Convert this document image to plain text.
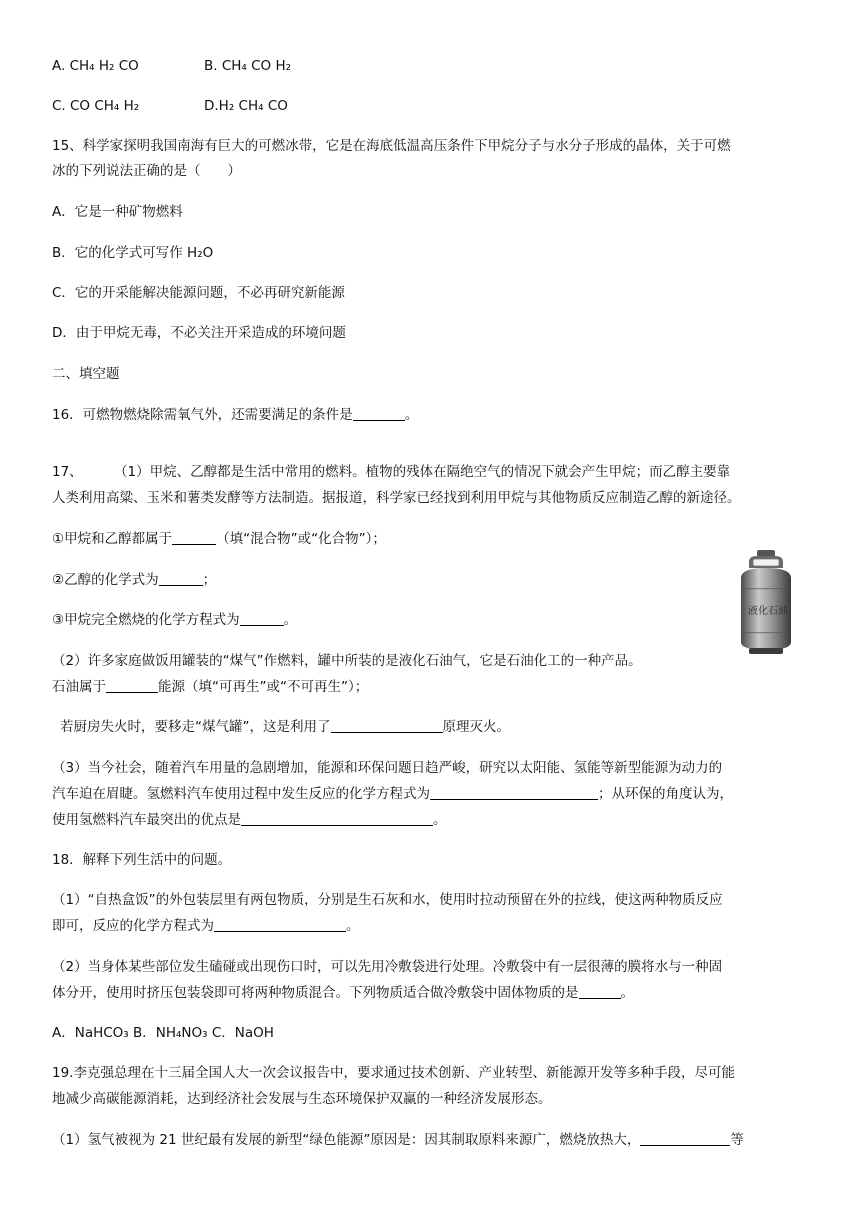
A. CH₄ H₂ CO	B. CH₄ CO H₂
C. CO CH₄ H₂	D.H₂ CH₄ CO
15、科学家探明我国南海有巨大的可燃冰带，它是在海底低温高压条件下甲烷分子与水分子形成的晶体，关于可燃
冰的下列说法正确的是（　　）
A．它是一种矿物燃料
B．它的化学式可写作 H₂O
C．它的开采能解决能源问题，不必再研究新能源
D．由于甲烷无毒，不必关注开采造成的环境问题
二、填空题
16．可燃物燃烧除需氧气外，还需要满足的条件是	。
17、 （1）甲烷、乙醇都是生活中常用的燃料。植物的残体在隔绝空气的情况下就会产生甲烷；而乙醇主要靠
人类利用高粱、玉米和薯类发酵等方法制造。据报道，科学家已经找到利用甲烷与其他物质反应制造乙醇的新途径。
①甲烷和乙醇都属于	（填“混合物”或“化合物”）；
②乙醇的化学式为	；
③甲烷完全燃烧的化学方程式为	。
液化石油
（2）许多家庭做饭用罐装的“煤气”作燃料，罐中所装的是液化石油气，它是石油化工的一种产品。
石油属于	能源（填“可再生”或“不可再生”）；
若厨房失火时，要移走“煤气罐”，这是利用了	原理灭火。
（3）当今社会，随着汽车用量的急剧增加，能源和环保问题日趋严峻，研究以太阳能、氢能等新型能源为动力的
汽车迫在眉睫。氢燃料汽车使用过程中发生反应的化学方程式为	；从环保的角度认为，
使用氢燃料汽车最突出的优点是	。
18．解释下列生活中的问题。
（1）“自热盒饭”的外包装层里有两包物质，分别是生石灰和水，使用时拉动预留在外的拉线，使这两种物质反应
即可，反应的化学方程式为	。
（2）当身体某些部位发生磕碰或出现伤口时，可以先用冷敷袋进行处理。冷敷袋中有一层很薄的膜将水与一种固
体分开，使用时挤压包装袋即可将两种物质混合。下列物质适合做冷敷袋中固体物质的是	。
A．NaHCO₃ B．NH₄NO₃ C．NaOH
19.李克强总理在十三届全国人大一次会议报告中，要求通过技术创新、产业转型、新能源开发等多种手段，尽可能
地减少高碳能源消耗，达到经济社会发展与生态环境保护双赢的一种经济发展形态。
（1）氢气被视为 21 世纪最有发展的新型“绿色能源”原因是：因其制取原料来源广，燃烧放热大，	等
